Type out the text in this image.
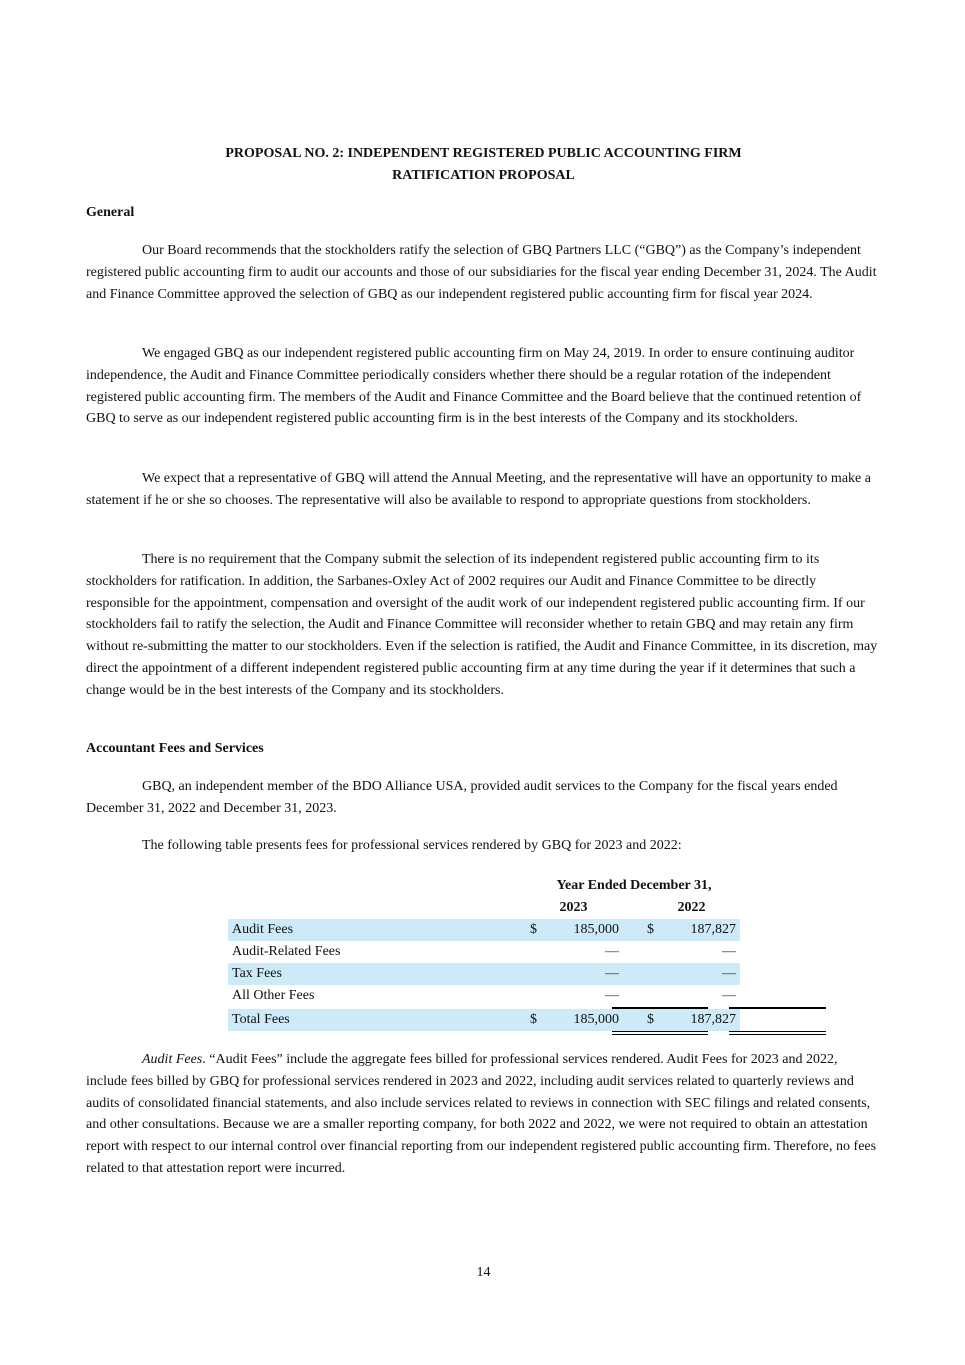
PROPOSAL NO. 2: INDEPENDENT REGISTERED PUBLIC ACCOUNTING FIRM
RATIFICATION PROPOSAL
General
Our Board recommends that the stockholders ratify the selection of GBQ Partners LLC (“GBQ”) as the Company’s independent registered public accounting firm to audit our accounts and those of our subsidiaries for the fiscal year ending December 31, 2024. The Audit and Finance Committee approved the selection of GBQ as our independent registered public accounting firm for fiscal year 2024.
We engaged GBQ as our independent registered public accounting firm on May 24, 2019. In order to ensure continuing auditor independence, the Audit and Finance Committee periodically considers whether there should be a regular rotation of the independent registered public accounting firm. The members of the Audit and Finance Committee and the Board believe that the continued retention of GBQ to serve as our independent registered public accounting firm is in the best interests of the Company and its stockholders.
We expect that a representative of GBQ will attend the Annual Meeting, and the representative will have an opportunity to make a statement if he or she so chooses. The representative will also be available to respond to appropriate questions from stockholders.
There is no requirement that the Company submit the selection of its independent registered public accounting firm to its stockholders for ratification. In addition, the Sarbanes-Oxley Act of 2002 requires our Audit and Finance Committee to be directly responsible for the appointment, compensation and oversight of the audit work of our independent registered public accounting firm. If our stockholders fail to ratify the selection, the Audit and Finance Committee will reconsider whether to retain GBQ and may retain any firm without re-submitting the matter to our stockholders. Even if the selection is ratified, the Audit and Finance Committee, in its discretion, may direct the appointment of a different independent registered public accounting firm at any time during the year if it determines that such a change would be in the best interests of the Company and its stockholders.
Accountant Fees and Services
GBQ, an independent member of the BDO Alliance USA, provided audit services to the Company for the fiscal years ended December 31, 2022 and December 31, 2023.
The following table presents fees for professional services rendered by GBQ for 2023 and 2022:
Year Ended December 31,
2023	2022
Audit Fees	$	185,000 $	187,827
Audit-Related Fees	—	—
Tax Fees	—	—
All Other Fees	—	—
Total Fees	$	185,000 $	187,827
Audit Fees. “Audit Fees” include the aggregate fees billed for professional services rendered. Audit Fees for 2023 and 2022, include fees billed by GBQ for professional services rendered in 2023 and 2022, including audit services related to quarterly reviews and audits of consolidated financial statements, and also include services related to reviews in connection with SEC filings and related consents, and other consultations. Because we are a smaller reporting company, for both 2022 and 2022, we were not required to obtain an attestation report with respect to our internal control over financial reporting from our independent registered public accounting firm. Therefore, no fees related to that attestation report were incurred.
14
